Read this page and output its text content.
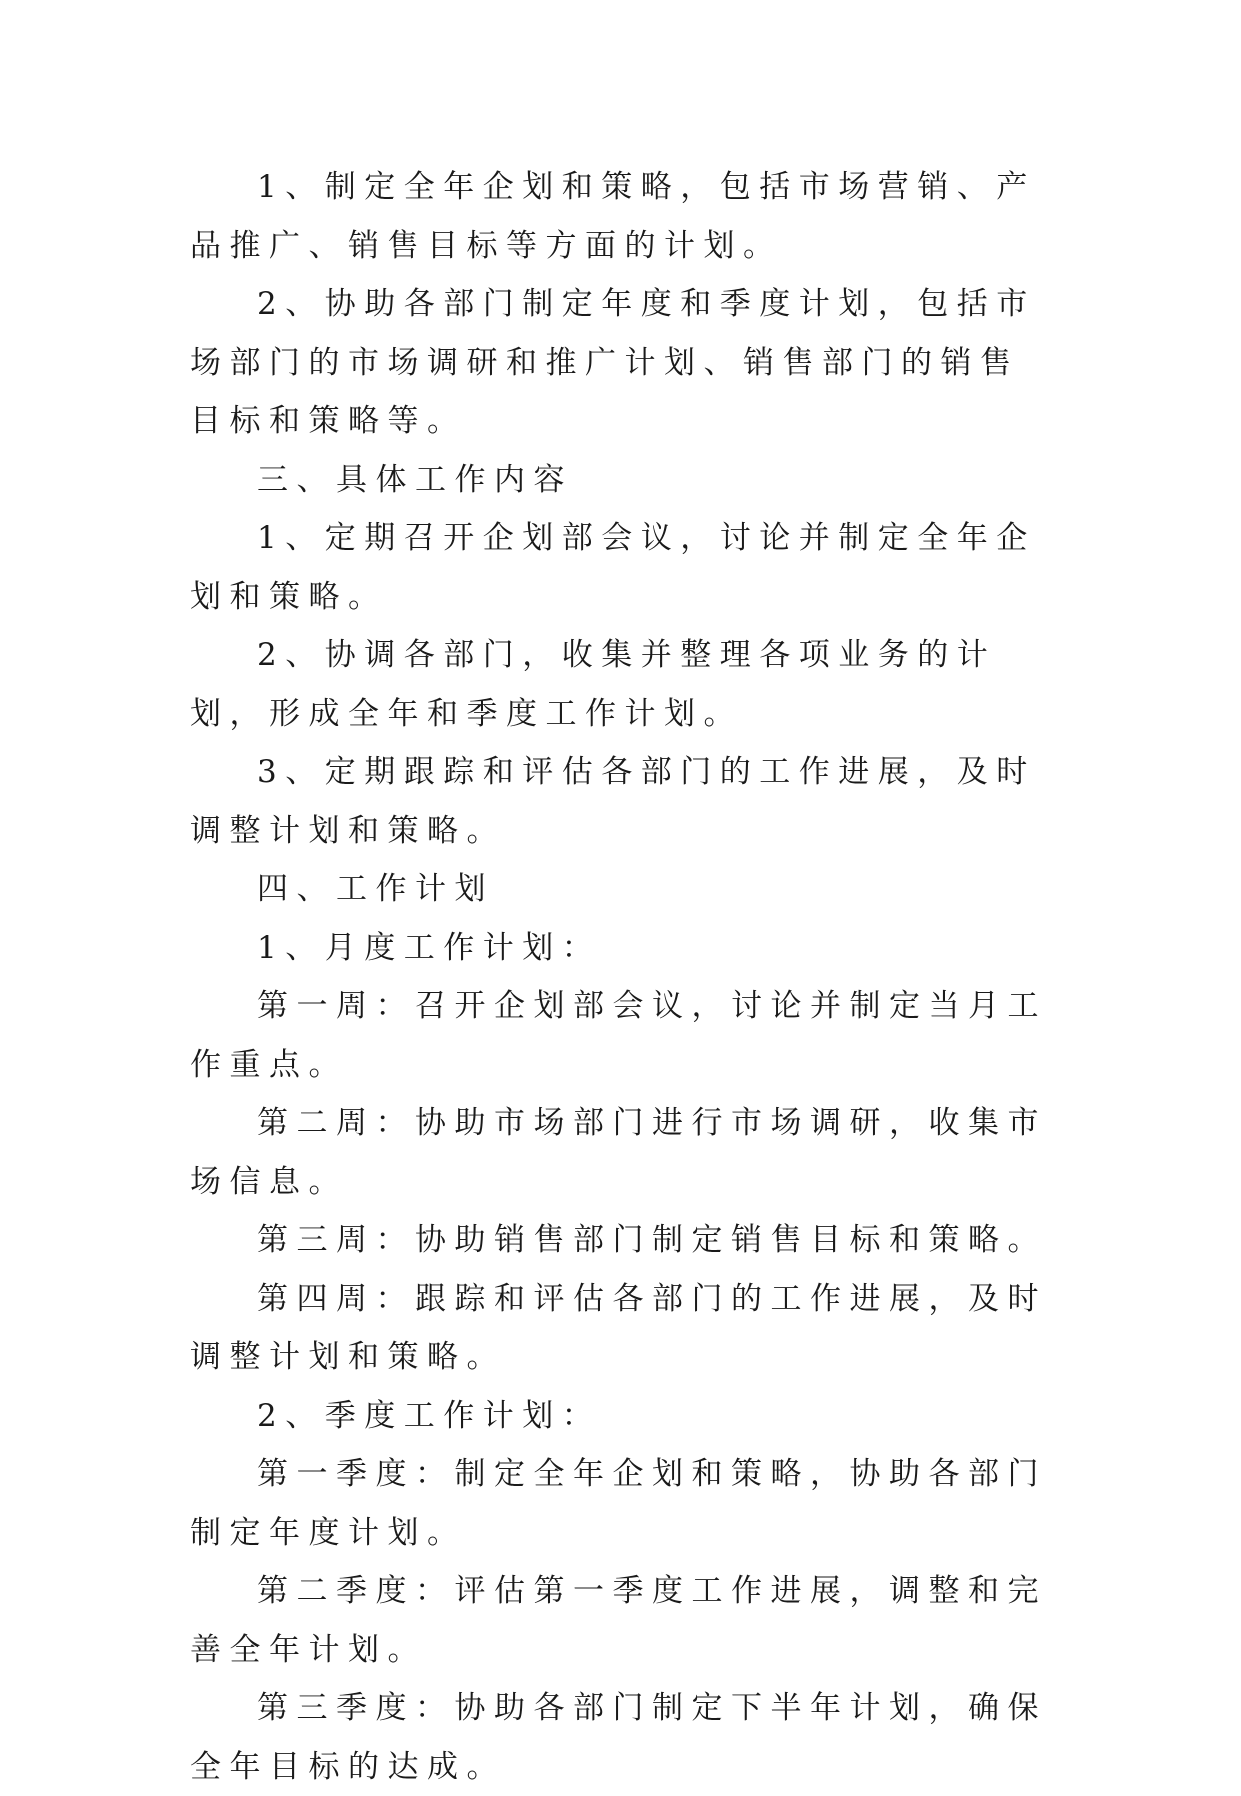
1、制定全年企划和策略，包括市场营销、产品推广、销售目标等方面的计划。

2、协助各部门制定年度和季度计划，包括市场部门的市场调研和推广计划、销售部门的销售目标和策略等。

三、具体工作内容

1、定期召开企划部会议，讨论并制定全年企划和策略。

2、协调各部门，收集并整理各项业务的计划，形成全年和季度工作计划。

3、定期跟踪和评估各部门的工作进展，及时调整计划和策略。

四、工作计划

1、月度工作计划：

第一周：召开企划部会议，讨论并制定当月工作重点。

第二周：协助市场部门进行市场调研，收集市场信息。

第三周：协助销售部门制定销售目标和策略。

第四周：跟踪和评估各部门的工作进展，及时调整计划和策略。

2、季度工作计划：

第一季度：制定全年企划和策略，协助各部门制定年度计划。

第二季度：评估第一季度工作进展，调整和完善全年计划。

第三季度：协助各部门制定下半年计划，确保全年目标的达成。
